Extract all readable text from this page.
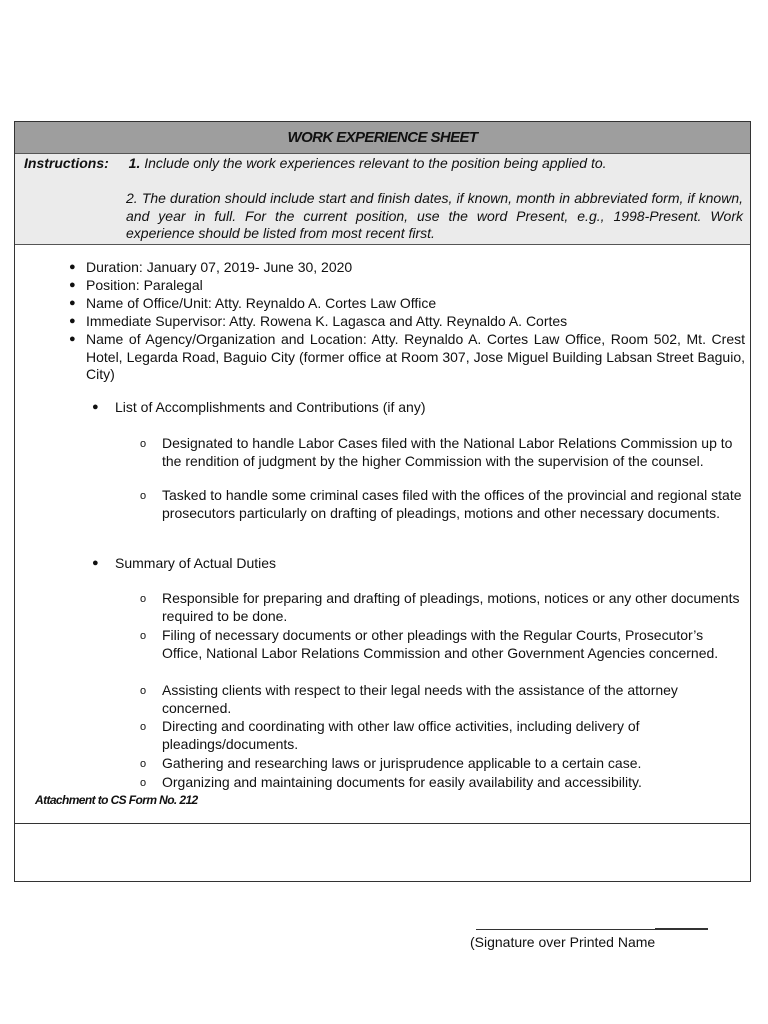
WORK EXPERIENCE SHEET
Instructions: 1. Include only the work experiences relevant to the position being applied to.
2. The duration should include start and finish dates, if known, month in abbreviated form, if known, and year in full. For the current position, use the word Present, e.g., 1998-Present. Work experience should be listed from most recent first.
● Duration: January 07, 2019- June 30, 2020
● Position: Paralegal
● Name of Office/Unit: Atty. Reynaldo A. Cortes Law Office
● Immediate Supervisor: Atty. Rowena K. Lagasca and Atty. Reynaldo A. Cortes
● Name of Agency/Organization and Location: Atty. Reynaldo A. Cortes Law Office, Room 502, Mt. Crest Hotel, Legarda Road, Baguio City (former office at Room 307, Jose Miguel Building Labsan Street Baguio, City)
● List of Accomplishments and Contributions (if any)
o Designated to handle Labor Cases filed with the National Labor Relations Commission up to the rendition of judgment by the higher Commission with the supervision of the counsel.
o Tasked to handle some criminal cases filed with the offices of the provincial and regional state prosecutors particularly on drafting of pleadings, motions and other necessary documents.
● Summary of Actual Duties
o Responsible for preparing and drafting of pleadings, motions, notices or any other documents required to be done.
o Filing of necessary documents or other pleadings with the Regular Courts, Prosecutor’s Office, National Labor Relations Commission and other Government Agencies concerned.
o Assisting clients with respect to their legal needs with the assistance of the attorney concerned.
o Directing and coordinating with other law office activities, including delivery of pleadings/documents.
o Gathering and researching laws or jurisprudence applicable to a certain case.
o Organizing and maintaining documents for easily availability and accessibility.
Attachment to CS Form No. 212
(Signature over Printed Name
